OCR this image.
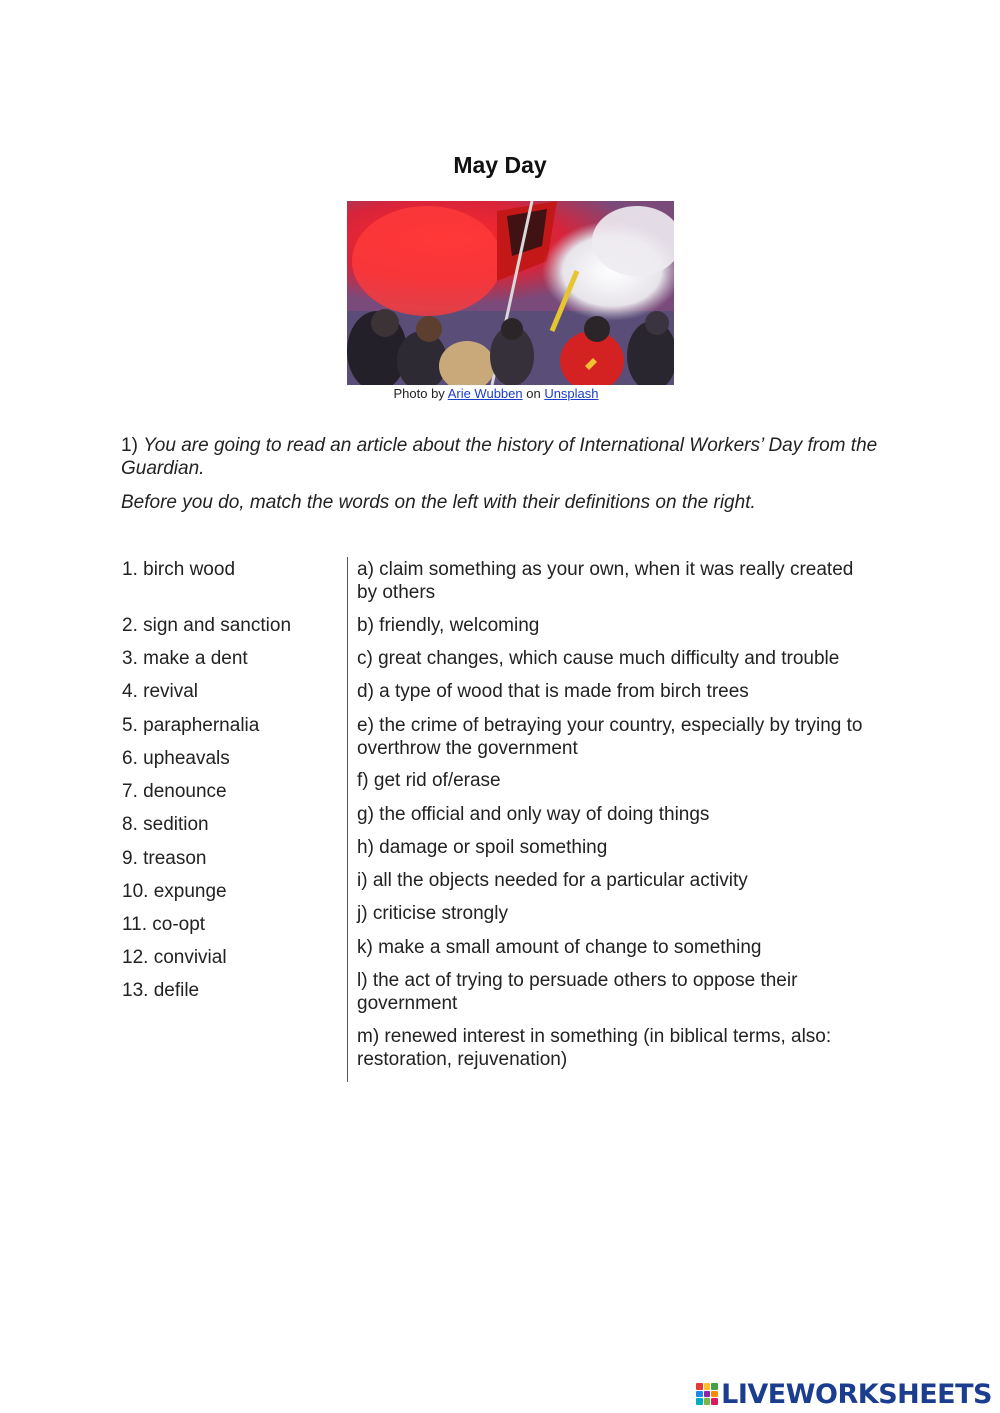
May Day
Photo by Arie Wubben on Unsplash
1) You are going to read an article about the history of International Workers’ Day from the Guardian.
Before you do, match the words on the left with their definitions on the right.
1. birch wood
2. sign and sanction
3. make a dent
4. revival
5. paraphernalia
6. upheavals
7. denounce
8. sedition
9. treason
10. expunge
11. co-opt
12. convivial
13. defile
a) claim something as your own, when it was really created by others
b) friendly, welcoming
c) great changes, which cause much difficulty and trouble
d) a type of wood that is made from birch trees
e) the crime of betraying your country, especially by trying to overthrow the government
f) get rid of/erase
g) the official and only way of doing things
h) damage or spoil something
i) all the objects needed for a particular activity
j) criticise strongly
k) make a small amount of change to something
l) the act of trying to persuade others to oppose their government
m) renewed interest in something (in biblical terms, also: restoration, rejuvenation)
LIVEWORKSHEETS
